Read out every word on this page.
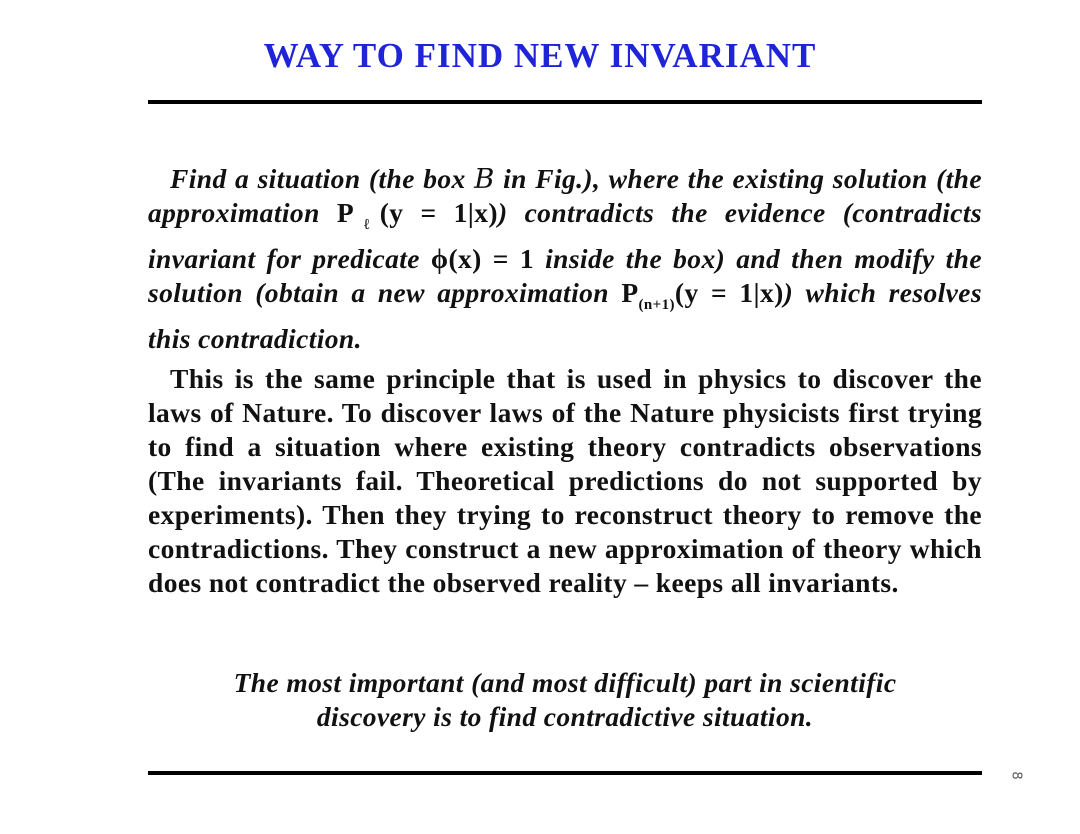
WAY TO FIND NEW INVARIANT
Find a situation (the box B in Fig.), where the existing solution (the approximation $P_\ell(y = 1|x)$) contradicts the evidence (contradicts invariant for predicate ϕ(x) = 1 inside the box) and then modify the solution (obtain a new approximation $P_{(n+1)}(y = 1|x)$) which resolves this contradiction.
This is the same principle that is used in physics to discover the laws of Nature. To discover laws of the Nature physicists first trying to find a situation where existing theory contradicts observations (The invariants fail. Theoretical predictions do not supported by experiments). Then they trying to reconstruct theory to remove the contradictions. They construct a new approximation of theory which does not contradict the observed reality – keeps all invariants.
The most important (and most difficult) part in scientific
discovery is to find contradictive situation.
8
